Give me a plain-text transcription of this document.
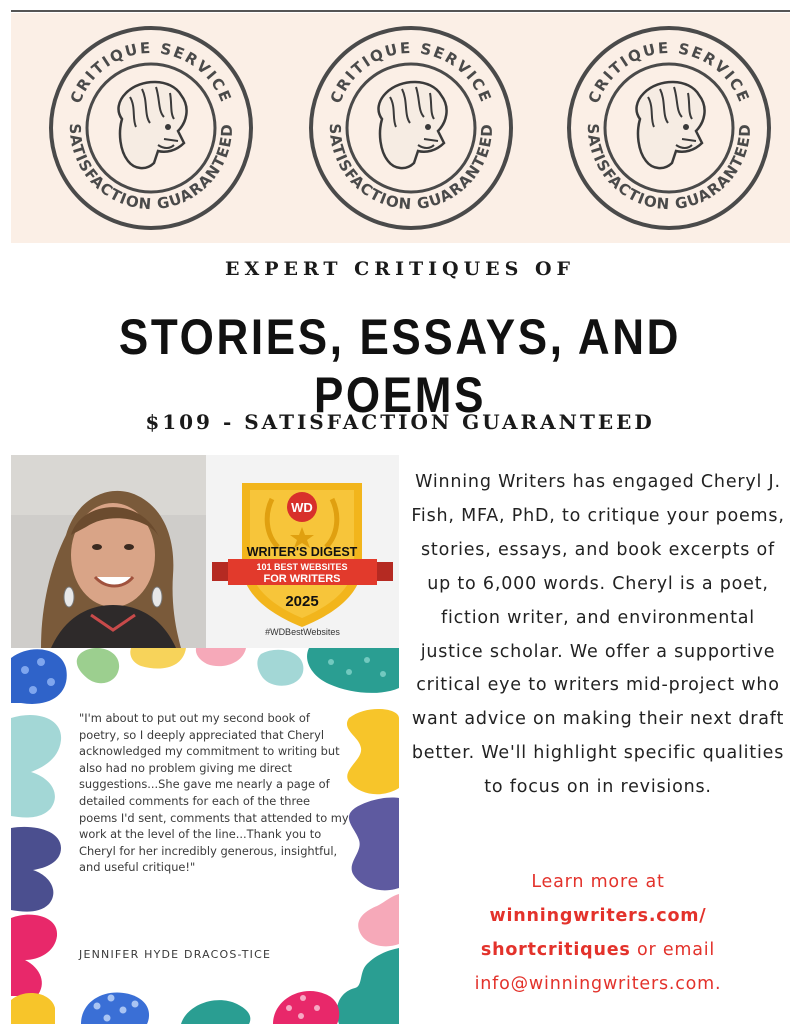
CRITIQUE SERVICE
SATISFACTION GUARANTEED
CRITIQUE SERVICE
SATISFACTION GUARANTEED
CRITIQUE SERVICE
SATISFACTION GUARANTEED
EXPERT CRITIQUES OF
STORIES, ESSAYS, AND POEMS
$109 - SATISFACTION GUARANTEED
WD
WRITER'S DIGEST
101 BEST WEBSITES
FOR WRITERS
2025
#WDBestWebsites
"I'm about to put out my second book of poetry, so I deeply appreciated that Cheryl acknowledged my commitment to writing but also had no problem giving me direct suggestions...She gave me nearly a page of detailed comments for each of the three poems I'd sent, comments that attended to my work at the level of the line...Thank you to Cheryl for her incredibly generous, insightful, and useful critique!"
JENNIFER HYDE DRACOS-TICE
Winning Writers has engaged Cheryl J. Fish, MFA, PhD, to critique your poems, stories, essays, and book excerpts of up to 6,000 words. Cheryl is a poet, fiction writer, and environmental justice scholar. We offer a supportive critical eye to writers mid-project who want advice on making their next draft better. We'll highlight specific qualities to focus on in revisions.
Learn more at
winningwriters.com/
shortcritiques or email
info@winningwriters.com.
